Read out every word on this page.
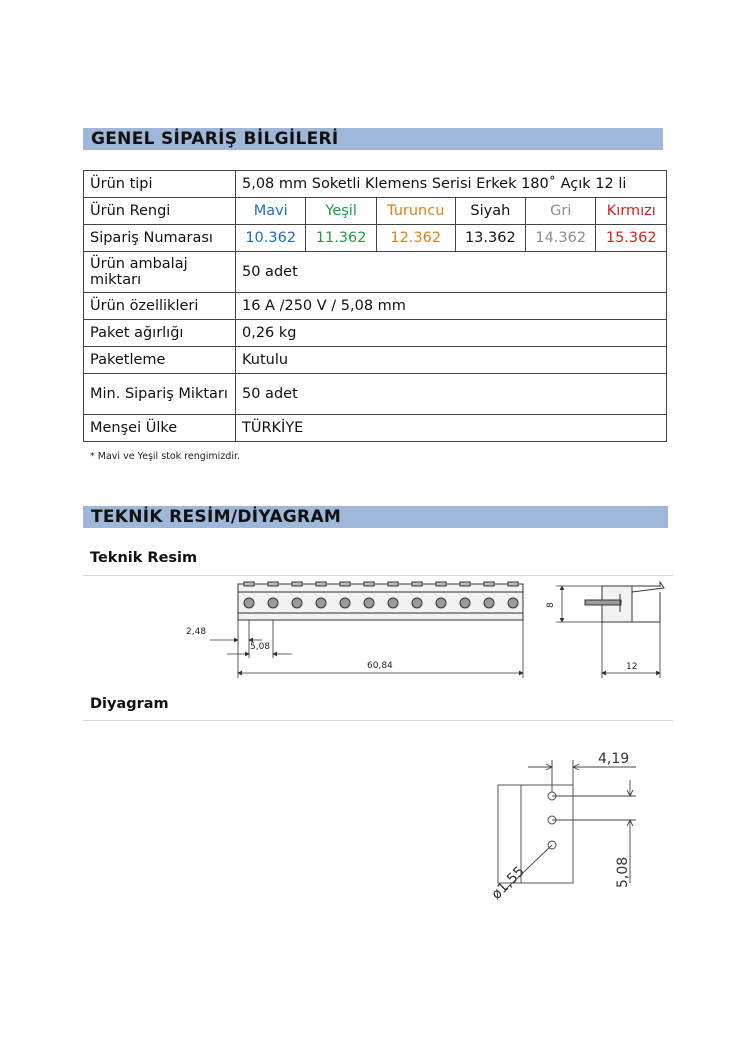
GENEL SİPARİŞ BİLGİLERİ
Ürün tipi	5,08 mm Soketli Klemens Serisi Erkek 180˚ Açık 12 li					
Ürün Rengi	Mavi	Yeşil	Turuncu	Siyah	Gri	Kırmızı
Sipariş Numarası	10.362	11.362	12.362	13.362	14.362	15.362
Ürün ambalaj miktarı	50 adet					
Ürün özellikleri	16 A /250 V / 5,08 mm					
Paket ağırlığı	0,26 kg					
Paketleme	Kutulu					
Min. Sipariş Miktarı	50 adet					
Menşei Ülke	TÜRKİYE					
* Mavi ve Yeşil stok rengimizdir.
TEKNİK RESİM/DİYAGRAM
Teknik Resim
2,48
5,08
60,84
8
12
Diyagram
4,19
5,08
ø1,55
